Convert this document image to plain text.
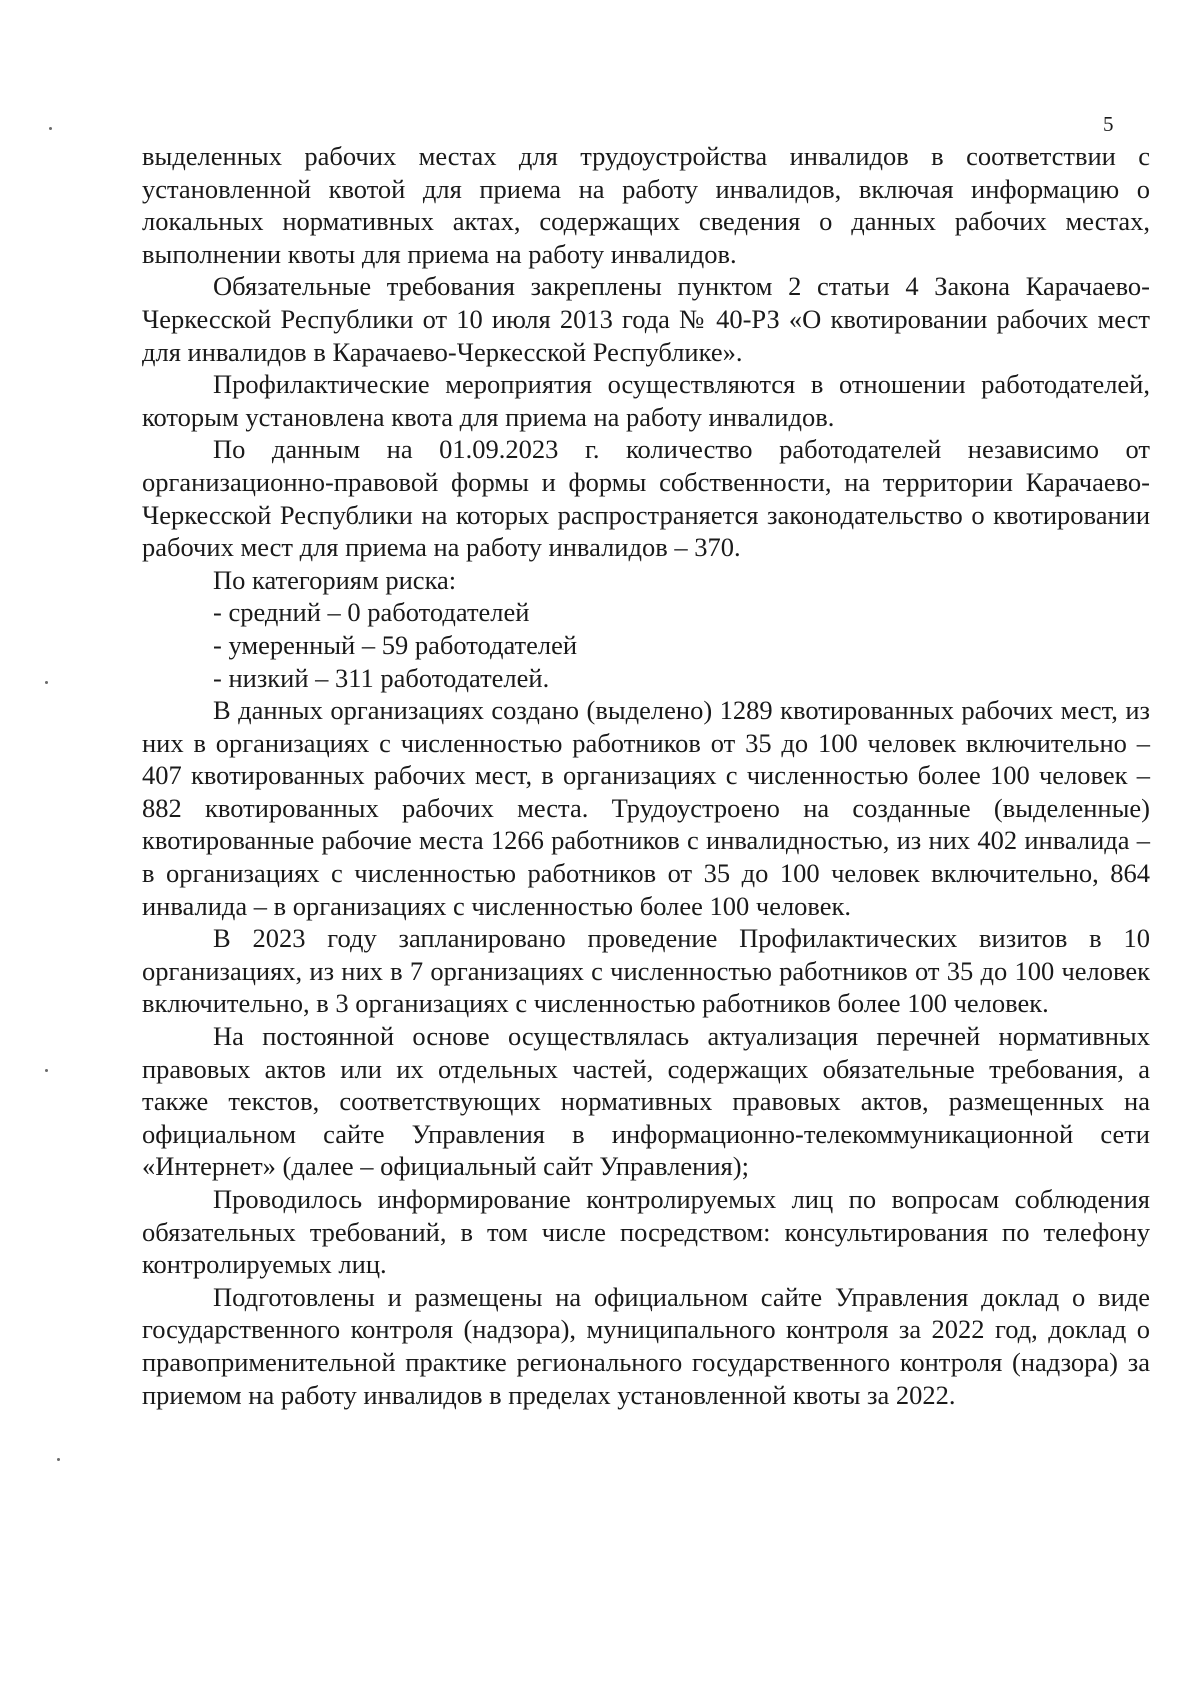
5

выделенных рабочих местах для трудоустройства инвалидов в соответствии с установленной квотой для приема на работу инвалидов, включая информацию о локальных нормативных актах, содержащих сведения о данных рабочих местах, выполнении квоты для приема на работу инвалидов.

Обязательные требования закреплены пунктом 2 статьи 4 Закона Карачаево-Черкесской Республики от 10 июля 2013 года № 40-РЗ «О квотировании рабочих мест для инвалидов в Карачаево-Черкесской Республике».

Профилактические мероприятия осуществляются в отношении работодателей, которым установлена квота для приема на работу инвалидов.

По данным на 01.09.2023 г. количество работодателей независимо от организационно-правовой формы и формы собственности, на территории Карачаево-Черкесской Республики на которых распространяется законодательство о квотировании рабочих мест для приема на работу инвалидов – 370.

По категориям риска:

- средний – 0 работодателей

- умеренный – 59 работодателей

- низкий – 311 работодателей.

В данных организациях создано (выделено) 1289 квотированных рабочих мест, из них в организациях с численностью работников от 35 до 100 человек включительно – 407 квотированных рабочих мест, в организациях с численностью более 100 человек – 882 квотированных рабочих места. Трудоустроено на созданные (выделенные) квотированные рабочие места 1266 работников с инвалидностью, из них 402 инвалида – в организациях с численностью работников от 35 до 100 человек включительно, 864 инвалида – в организациях с численностью более 100 человек.

В 2023 году запланировано проведение Профилактических визитов в 10 организациях, из них в 7 организациях с численностью работников от 35 до 100 человек включительно, в 3 организациях с численностью работников более 100 человек.

На постоянной основе осуществлялась актуализация перечней нормативных правовых актов или их отдельных частей, содержащих обязательные требования, а также текстов, соответствующих нормативных правовых актов, размещенных на официальном сайте Управления в информационно-телекоммуникационной сети «Интернет» (далее – официальный сайт Управления);

Проводилось информирование контролируемых лиц по вопросам соблюдения обязательных требований, в том числе посредством: консультирования по телефону контролируемых лиц.

Подготовлены и размещены на официальном сайте Управления доклад о виде государственного контроля (надзора), муниципального контроля за 2022 год, доклад о правоприменительной практике регионального государственного контроля (надзора) за приемом на работу инвалидов в пределах установленной квоты за 2022.
